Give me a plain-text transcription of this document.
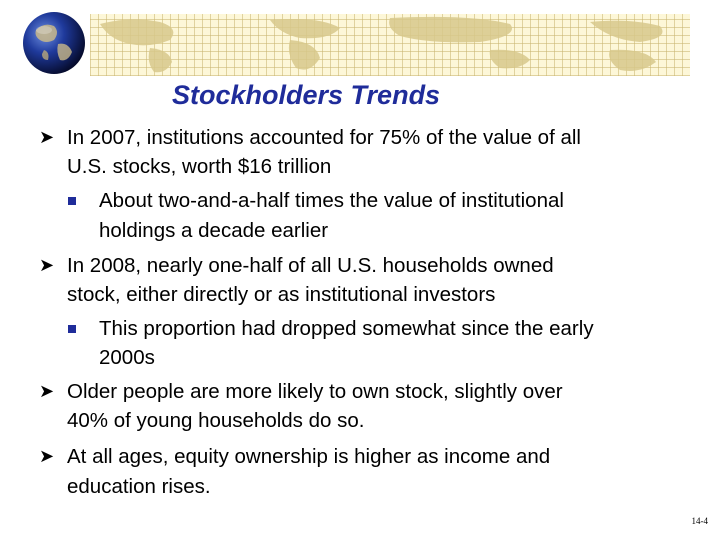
Stockholders Trends
➤ In 2007, institutions accounted for 75% of the value of all
U.S. stocks, worth $16 trillion
About two-and-a-half times the value of institutional
holdings a decade earlier
➤ In 2008, nearly one-half of all U.S. households owned
stock, either directly or as institutional investors
This proportion had dropped somewhat since the early
2000s
➤ Older people are more likely to own stock, slightly over
40% of young households do so.
➤ At all ages, equity ownership is higher as income and
education rises.
14-4
